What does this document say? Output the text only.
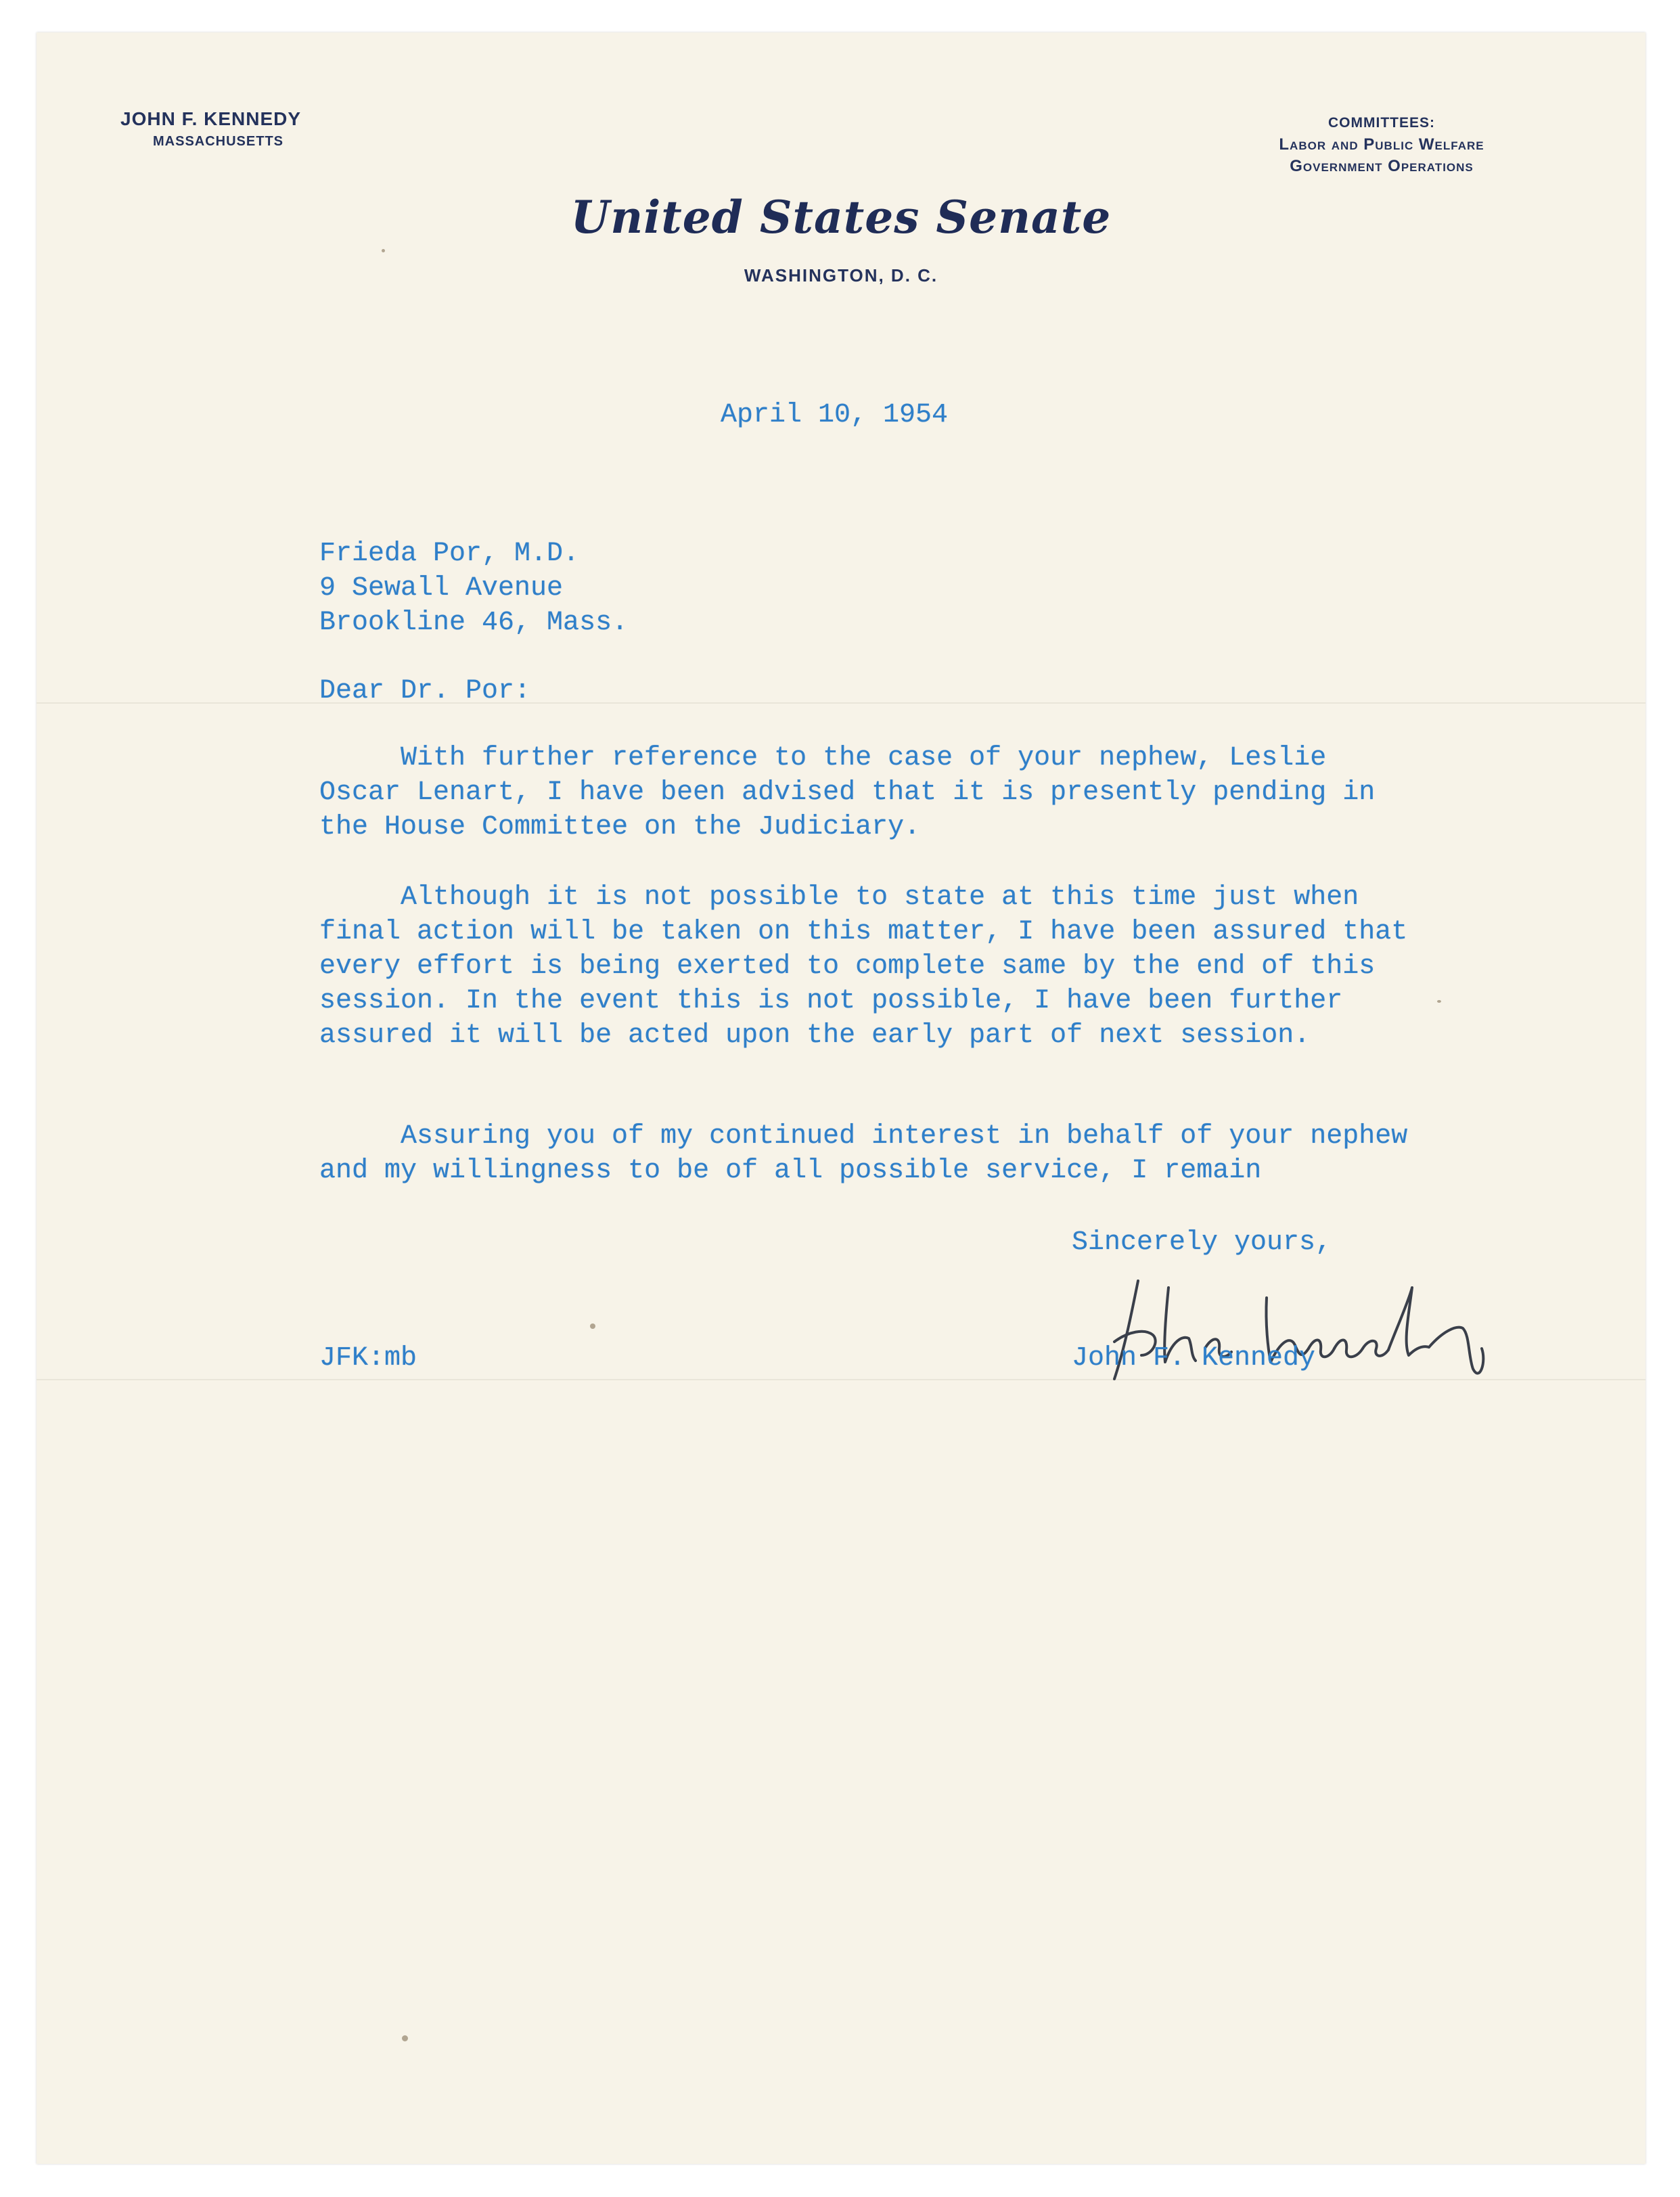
JOHN F. KENNEDY
MASSACHUSETTS
COMMITTEES:
Labor and Public Welfare
Government Operations
United States Senate
WASHINGTON, D. C.
April 10, 1954
Frieda Por, M.D.
9 Sewall Avenue
Brookline 46, Mass.
Dear Dr. Por:

With further reference to the case of your nephew, Leslie Oscar Lenart, I have been advised that it is presently pending in the House Committee on the Judiciary.

Although it is not possible to state at this time just when final action will be taken on this matter, I have been assured that every effort is being exerted to complete same by the end of this session. In the event this is not possible, I have been further assured it will be acted upon the early part of next session.

Assuring you of my continued interest in behalf of your nephew and my willingness to be of all possible service, I remain

Sincerely yours,
JFK:mb	John F. Kennedy
